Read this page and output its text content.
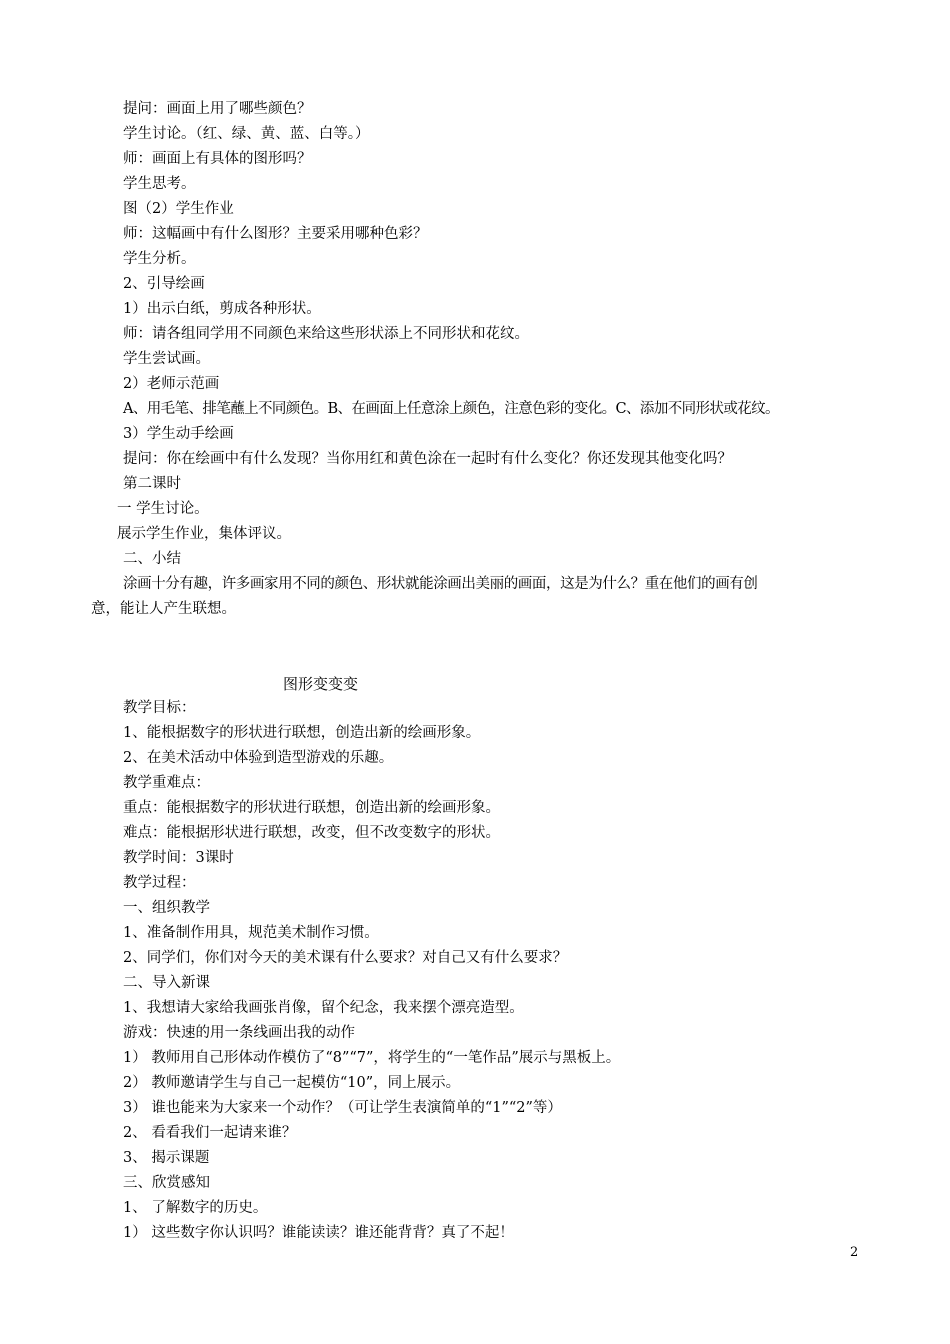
提问：画面上用了哪些颜色？
学生讨论。（红、绿、黄、蓝、白等。）
师：画面上有具体的图形吗？
学生思考。
图（2）学生作业
师：这幅画中有什么图形？主要采用哪种色彩？
学生分析。
2、引导绘画
1）出示白纸，剪成各种形状。
师：请各组同学用不同颜色来给这些形状添上不同形状和花纹。
学生尝试画。
2）老师示范画
A、用毛笔、排笔蘸上不同颜色。B、在画面上任意涂上颜色，注意色彩的变化。C、添加不同形状或花纹。
3）学生动手绘画
提问：你在绘画中有什么发现？当你用红和黄色涂在一起时有什么变化？你还发现其他变化吗？
第二课时
一 学生讨论。
展示学生作业，集体评议。
二、小结
涂画十分有趣，许多画家用不同的颜色、形状就能涂画出美丽的画面，这是为什么？重在他们的画有创
意，能让人产生联想。
图形变变变
教学目标：
1、能根据数字的形状进行联想，创造出新的绘画形象。
2、在美术活动中体验到造型游戏的乐趣。
教学重难点：
重点：能根据数字的形状进行联想，创造出新的绘画形象。
难点：能根据形状进行联想，改变，但不改变数字的形状。
教学时间：3课时
教学过程：
一、组织教学
1、准备制作用具，规范美术制作习惯。
2、同学们，你们对今天的美术课有什么要求？对自己又有什么要求？
二、导入新课
1、我想请大家给我画张肖像，留个纪念，我来摆个漂亮造型。
游戏：快速的用一条线画出我的动作
1） 教师用自己形体动作模仿了“8”“7”，将学生的“一笔作品”展示与黑板上。
2） 教师邀请学生与自己一起模仿“10”，同上展示。
3） 谁也能来为大家来一个动作？（可让学生表演简单的“1”“2”等）
2、 看看我们一起请来谁？
3、 揭示课题
三、欣赏感知
1、 了解数字的历史。
1） 这些数字你认识吗？谁能读读？谁还能背背？真了不起！
2
